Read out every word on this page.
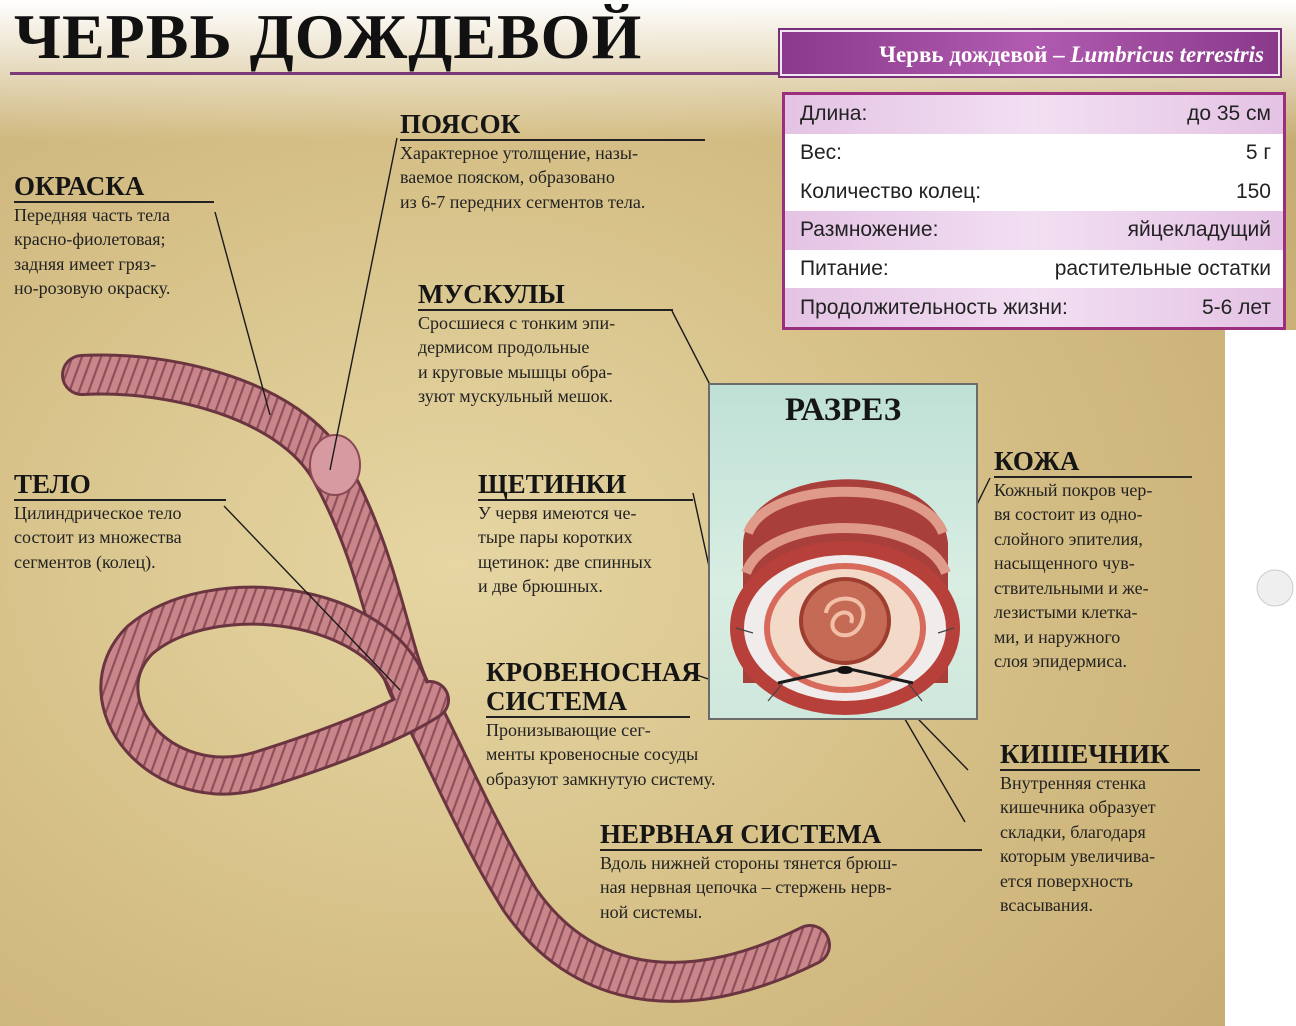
ЧЕРВЬ ДОЖДЕВОЙ	Червь дождевой – Lumbricus terrestris
Длина:	до 35 см
Вес:	5 г
Количество колец:	150
Размножение:	яйцекладущий
Питание:	растительные остатки
Продолжительность жизни:	5-6 лет
ОКРАСКА
Передняя часть тела
красно-фиолетовая;
задняя имеет гряз-
но-розовую окраску.
ПОЯСОК
Характерное утолщение, назы-
ваемое пояском, образовано
из 6-7 передних сегментов тела.
МУСКУЛЫ
Сросшиеся с тонким эпи-
дермисом продольные
и круговые мышцы обра-
зуют мускульный мешок.
ТЕЛО
Цилиндрическое тело
состоит из множества
сегментов (колец).
ЩЕТИНКИ
У червя имеются че-
тыре пары коротких
щетинок: две спинных
и две брюшных.
КРОВЕНОСНАЯ
СИСТЕМА
Пронизывающие сег-
менты кровеносные сосуды
образуют замкнутую систему.
НЕРВНАЯ СИСТЕМА
Вдоль нижней стороны тянется брюш-
ная нервная цепочка – стержень нерв-
ной системы.
КОЖА
Кожный покров чер-
вя состоит из одно-
слойного эпителия,
насыщенного чув-
ствительными и же-
лезистыми клетка-
ми, и наружного
слоя эпидермиса.
КИШЕЧНИК
Внутренняя стенка
кишечника образует
складки, благодаря
которым увеличива-
ется поверхность
всасывания.
РАЗРЕЗ
